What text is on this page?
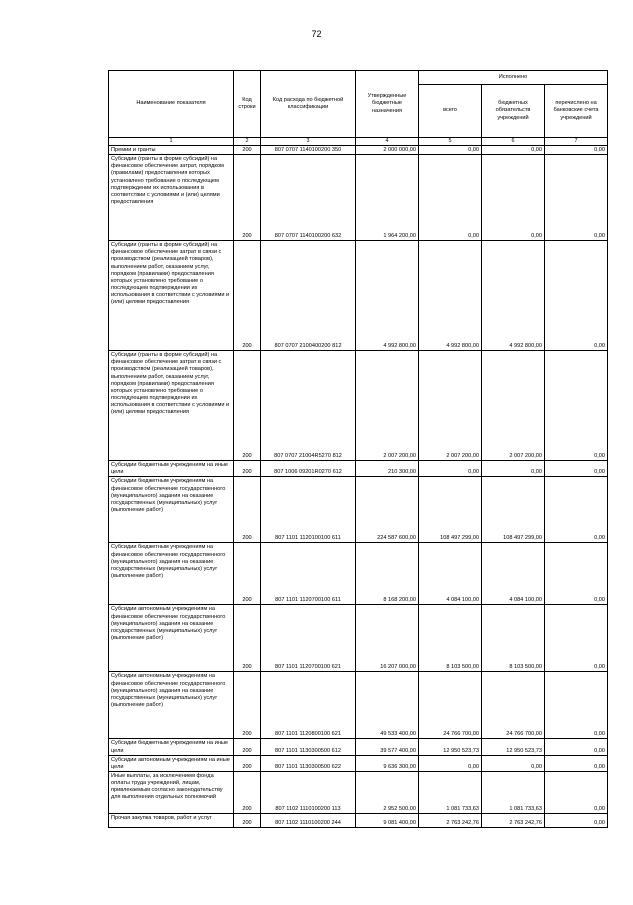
72
Наименование показателя	Код строки	Код расхода по бюджетной классификации	Утвержденные бюджетные назначения	Исполнено		
				всего	бюджетных обязательств учреждений	перечислено на банковские счета учреждений
1	2	3	4	5	6	7
Премии и гранты	200	807 0707 1140100200 350	2 000 000,00	0,00	0,00	0,00
Субсидии (гранты в форме субсидий) на финансовое обеспечение затрат, порядком (правилами) предоставления которых установлено требование о последующем подтверждении их использования в соответствии с условиями и (или) целями предоставления	200	807 0707 1140100200 632	1 964 200,00	0,00	0,00	0,00
Субсидии (гранты в форме субсидий) на финансовое обеспечение затрат в связи с производством (реализацией товаров), выполнением работ, оказанием услуг, порядком (правилами) предоставления которых установлено требование о последующем подтверждении их использования в соответствии с условиями и (или) целями предоставления	200	807 0707 2100400200 812	4 992 800,00	4 992 800,00	4 992 800,00	0,00
Субсидии (гранты в форме субсидий) на финансовое обеспечение затрат в связи с производством (реализацией товаров), выполнением работ, оказанием услуг, порядком (правилами) предоставления которых установлено требование о последующем подтверждении их использования в соответствии с условиями и (или) целями предоставления	200	807 0707 21004R5270 812	2 007 200,00	2 007 200,00	2 007 200,00	0,00
Субсидии бюджетным учреждениям на иные цели	200	807 1006 09201R0270 612	210 300,00	0,00	0,00	0,00
Субсидии бюджетным учреждениям на финансовое обеспечение государственного (муниципального) задания на оказание государственных (муниципальных) услуг (выполнение работ)	200	807 1101 1120100100 611	224 587 600,00	108 497 299,00	108 497 299,00	0,00
Субсидии бюджетным учреждениям на финансовое обеспечение государственного (муниципального) задания на оказание государственных (муниципальных) услуг (выполнение работ)	200	807 1101 1120700100 611	8 168 200,00	4 084 100,00	4 084 100,00	0,00
Субсидии автономным учреждениям на финансовое обеспечение государственного (муниципального) задания на оказание государственных (муниципальных) услуг (выполнение работ)	200	807 1101 1120700100 621	16 207 000,00	8 103 500,00	8 103 500,00	0,00
Субсидии автономным учреждениям на финансовое обеспечение государственного (муниципального) задания на оказание государственных (муниципальных) услуг (выполнение работ)	200	807 1101 1120800100 621	49 533 400,00	24 766 700,00	24 766 700,00	0,00
Субсидии бюджетным учреждениям на иные цели	200	807 1101 1130300500 612	39 577 400,00	12 950 523,73	12 950 523,73	0,00
Субсидии автономным учреждениям на иные цели	200	807 1101 1130300500 622	9 636 300,00	0,00	0,00	0,00
Иные выплаты, за исключением фонда оплаты труда учреждений, лицам, привлекаемым согласно законодательству для выполнения отдельных полномочий	200	807 1102 1110100200 113	2 952 500,00	1 081 733,63	1 081 733,63	0,00
Прочая закупка товаров, работ и услуг	200	807 1102 1110100200 244	9 081 400,00	2 763 242,76	2 763 242,76	0,00
